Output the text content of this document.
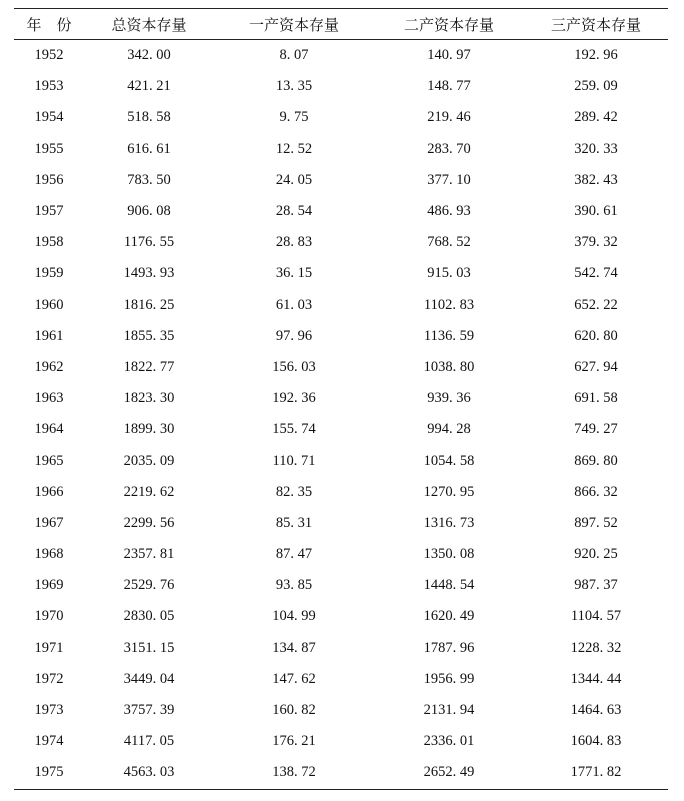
年　份	总资本存量	一产资本存量	二产资本存量	三产资本存量
1952	342. 00	8. 07	140. 97	192. 96
1953	421. 21	13. 35	148. 77	259. 09
1954	518. 58	9. 75	219. 46	289. 42
1955	616. 61	12. 52	283. 70	320. 33
1956	783. 50	24. 05	377. 10	382. 43
1957	906. 08	28. 54	486. 93	390. 61
1958	1176. 55	28. 83	768. 52	379. 32
1959	1493. 93	36. 15	915. 03	542. 74
1960	1816. 25	61. 03	1102. 83	652. 22
1961	1855. 35	97. 96	1136. 59	620. 80
1962	1822. 77	156. 03	1038. 80	627. 94
1963	1823. 30	192. 36	939. 36	691. 58
1964	1899. 30	155. 74	994. 28	749. 27
1965	2035. 09	110. 71	1054. 58	869. 80
1966	2219. 62	82. 35	1270. 95	866. 32
1967	2299. 56	85. 31	1316. 73	897. 52
1968	2357. 81	87. 47	1350. 08	920. 25
1969	2529. 76	93. 85	1448. 54	987. 37
1970	2830. 05	104. 99	1620. 49	1104. 57
1971	3151. 15	134. 87	1787. 96	1228. 32
1972	3449. 04	147. 62	1956. 99	1344. 44
1973	3757. 39	160. 82	2131. 94	1464. 63
1974	4117. 05	176. 21	2336. 01	1604. 83
1975	4563. 03	138. 72	2652. 49	1771. 82
